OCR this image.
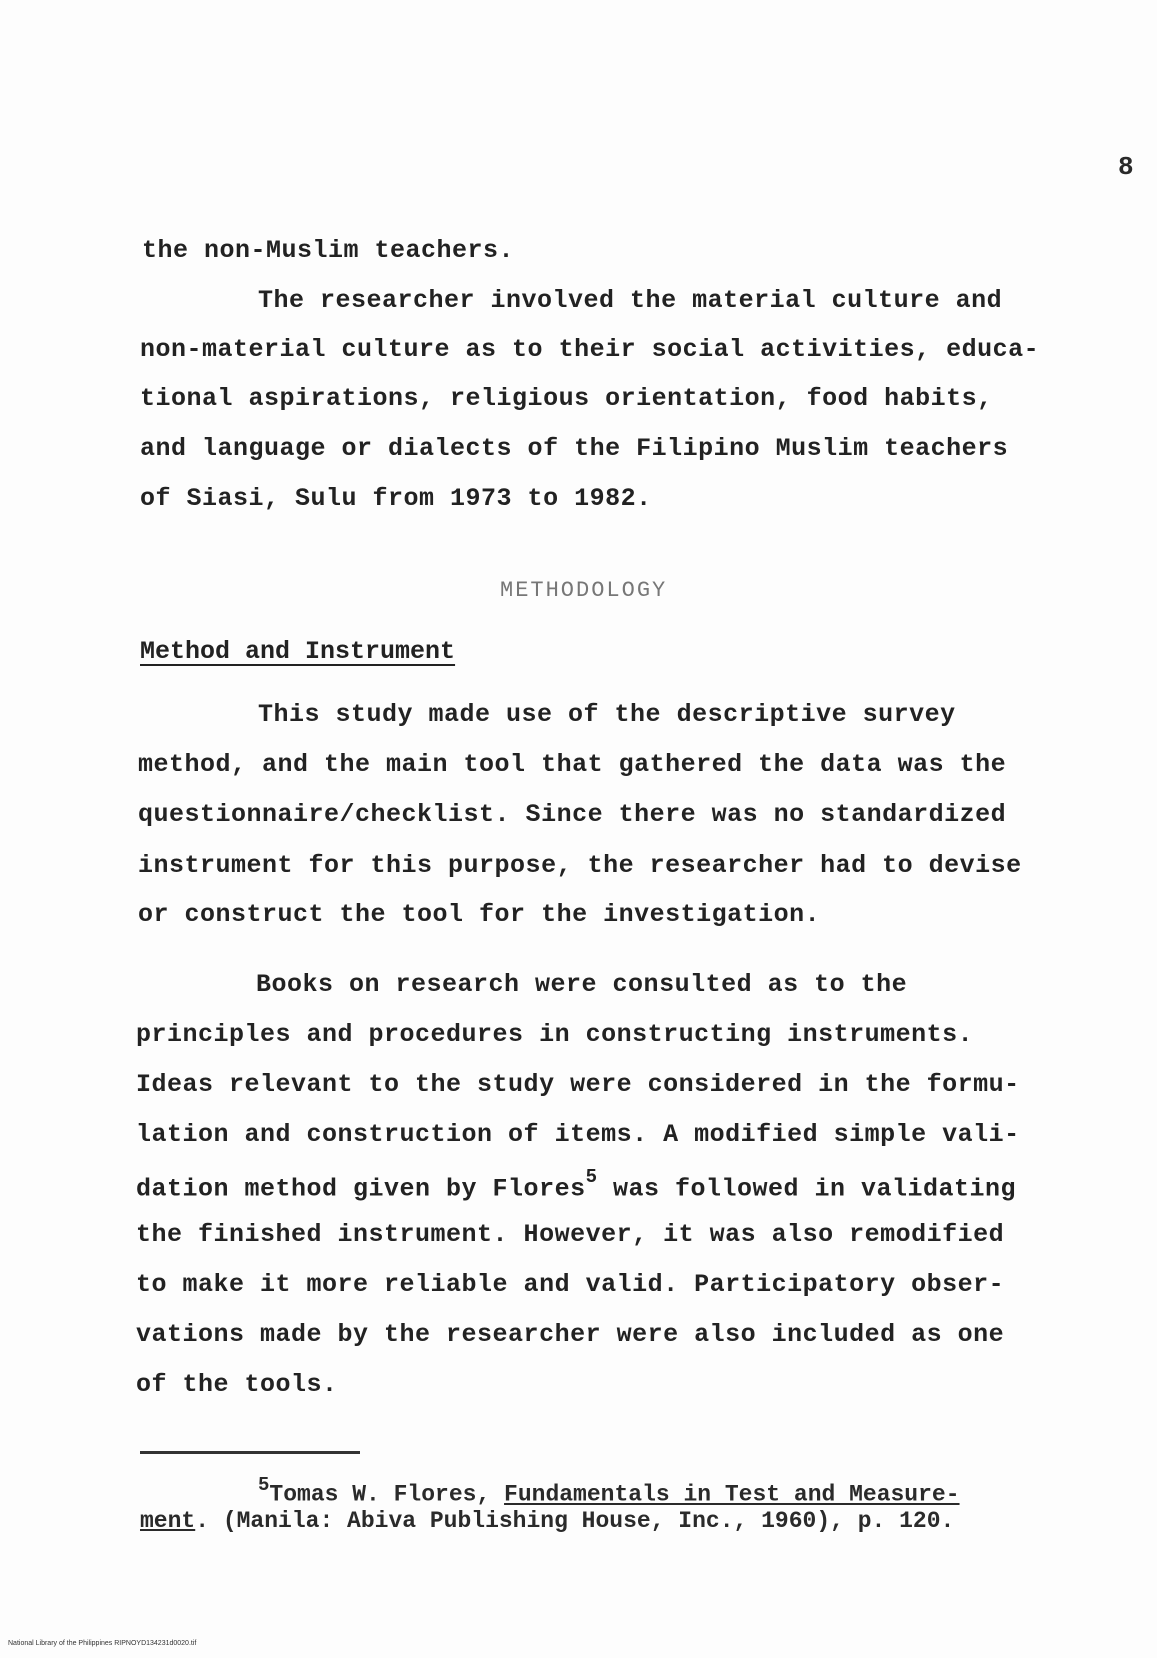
8
the non-Muslim teachers.
The researcher involved the material culture and
non-material culture as to their social activities, educa-
tional aspirations, religious orientation, food habits,
and language or dialects of the Filipino Muslim teachers
of Siasi, Sulu from 1973 to 1982.
METHODOLOGY
Method and Instrument
This study made use of the descriptive survey
method, and the main tool that gathered the data was the
questionnaire/checklist. Since there was no standardized
instrument for this purpose, the researcher had to devise
or construct the tool for the investigation.
Books on research were consulted as to the
principles and procedures in constructing instruments.
Ideas relevant to the study were considered in the formu-
lation and construction of items. A modified simple vali-
dation method given by Flores$^5$ was followed in validating
the finished instrument. However, it was also remodified
to make it more reliable and valid. Participatory obser-
vations made by the researcher were also included as one
of the tools.
$^5$Tomas W. Flores, Fundamentals in Test and Measure-
ment. (Manila: Abiva Publishing House, Inc., 1960), p. 120.
National Library of the Philippines RIPNOYD134231d0020.tif
